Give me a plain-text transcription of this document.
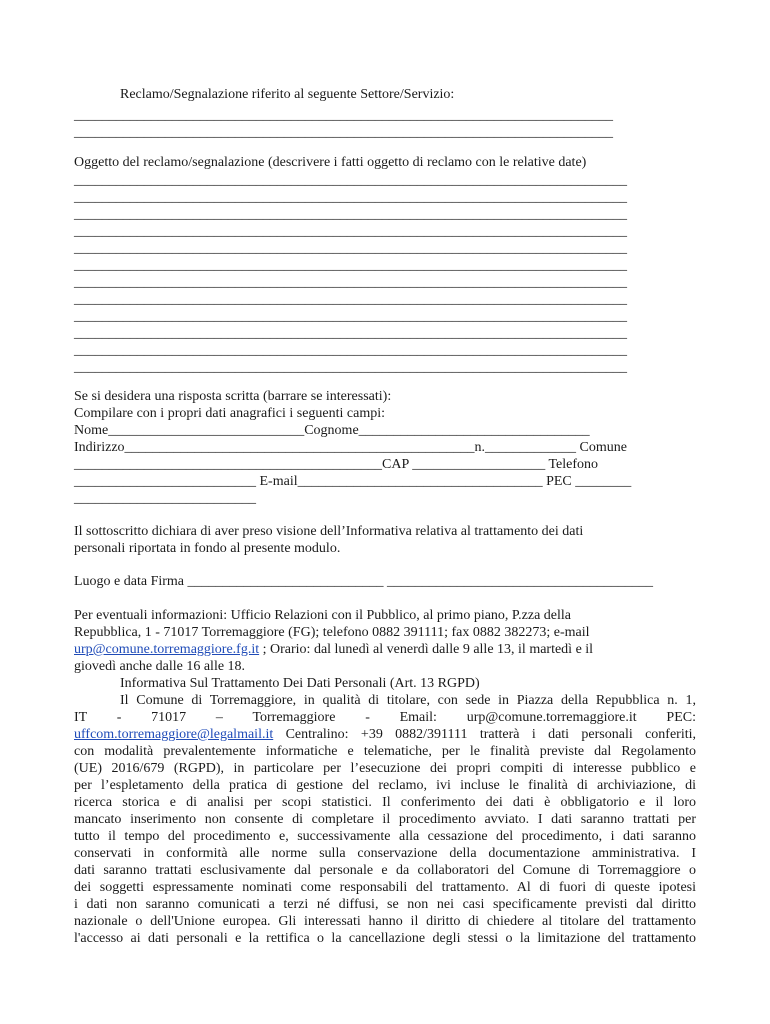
Reclamo/Segnalazione riferito al seguente Settore/Servizio:
_____________________________________________________________________________
_____________________________________________________________________________
Oggetto del reclamo/segnalazione (descrivere i fatti oggetto di reclamo con le relative date)
_______________________________________________________________________________
_______________________________________________________________________________
_______________________________________________________________________________
_______________________________________________________________________________
_______________________________________________________________________________
_______________________________________________________________________________
_______________________________________________________________________________
_______________________________________________________________________________
_______________________________________________________________________________
_______________________________________________________________________________
_______________________________________________________________________________
_______________________________________________________________________________
Se si desidera una risposta scritta (barrare se interessati):
Compilare con i propri dati anagrafici i seguenti campi:
Nome____________________________Cognome_________________________________
Indirizzo__________________________________________________n._____________ Comune
____________________________________________CAP ___________________ Telefono
__________________________ E-mail___________________________________ PEC ________
__________________________
Il sottoscritto dichiara di aver preso visione dell’Informativa relativa al trattamento dei dati
personali riportata in fondo al presente modulo.
Luogo e data Firma ____________________________ ______________________________________
Per eventuali informazioni: Ufficio Relazioni con il Pubblico, al primo piano, P.zza della
Repubblica, 1 - 71017 Torremaggiore (FG); telefono 0882 391111; fax 0882 382273; e-mail
urp@comune.torremaggiore.fg.it ; Orario: dal lunedì al venerdì dalle 9 alle 13, il martedì e il
giovedì anche dalle 16 alle 18.
Informativa Sul Trattamento Dei Dati Personali (Art. 13 RGPD)
Il Comune di Torremaggiore, in qualità di titolare, con sede in Piazza della Repubblica n. 1,
IT - 71017 – Torremaggiore - Email: urp@comune.torremaggiore.it PEC:
uffcom.torremaggiore@legalmail.it Centralino: +39 0882/391111 tratterà i dati personali conferiti,
con modalità prevalentemente informatiche e telematiche, per le finalità previste dal Regolamento
(UE) 2016/679 (RGPD), in particolare per l’esecuzione dei propri compiti di interesse pubblico e
per l’espletamento della pratica di gestione del reclamo, ivi incluse le finalità di archiviazione, di
ricerca storica e di analisi per scopi statistici. Il conferimento dei dati è obbligatorio e il loro
mancato inserimento non consente di completare il procedimento avviato. I dati saranno trattati per
tutto il tempo del procedimento e, successivamente alla cessazione del procedimento, i dati saranno
conservati in conformità alle norme sulla conservazione della documentazione amministrativa. I
dati saranno trattati esclusivamente dal personale e da collaboratori del Comune di Torremaggiore o
dei soggetti espressamente nominati come responsabili del trattamento. Al di fuori di queste ipotesi
i dati non saranno comunicati a terzi né diffusi, se non nei casi specificamente previsti dal diritto
nazionale o dell'Unione europea. Gli interessati hanno il diritto di chiedere al titolare del trattamento
l'accesso ai dati personali e la rettifica o la cancellazione degli stessi o la limitazione del trattamento
